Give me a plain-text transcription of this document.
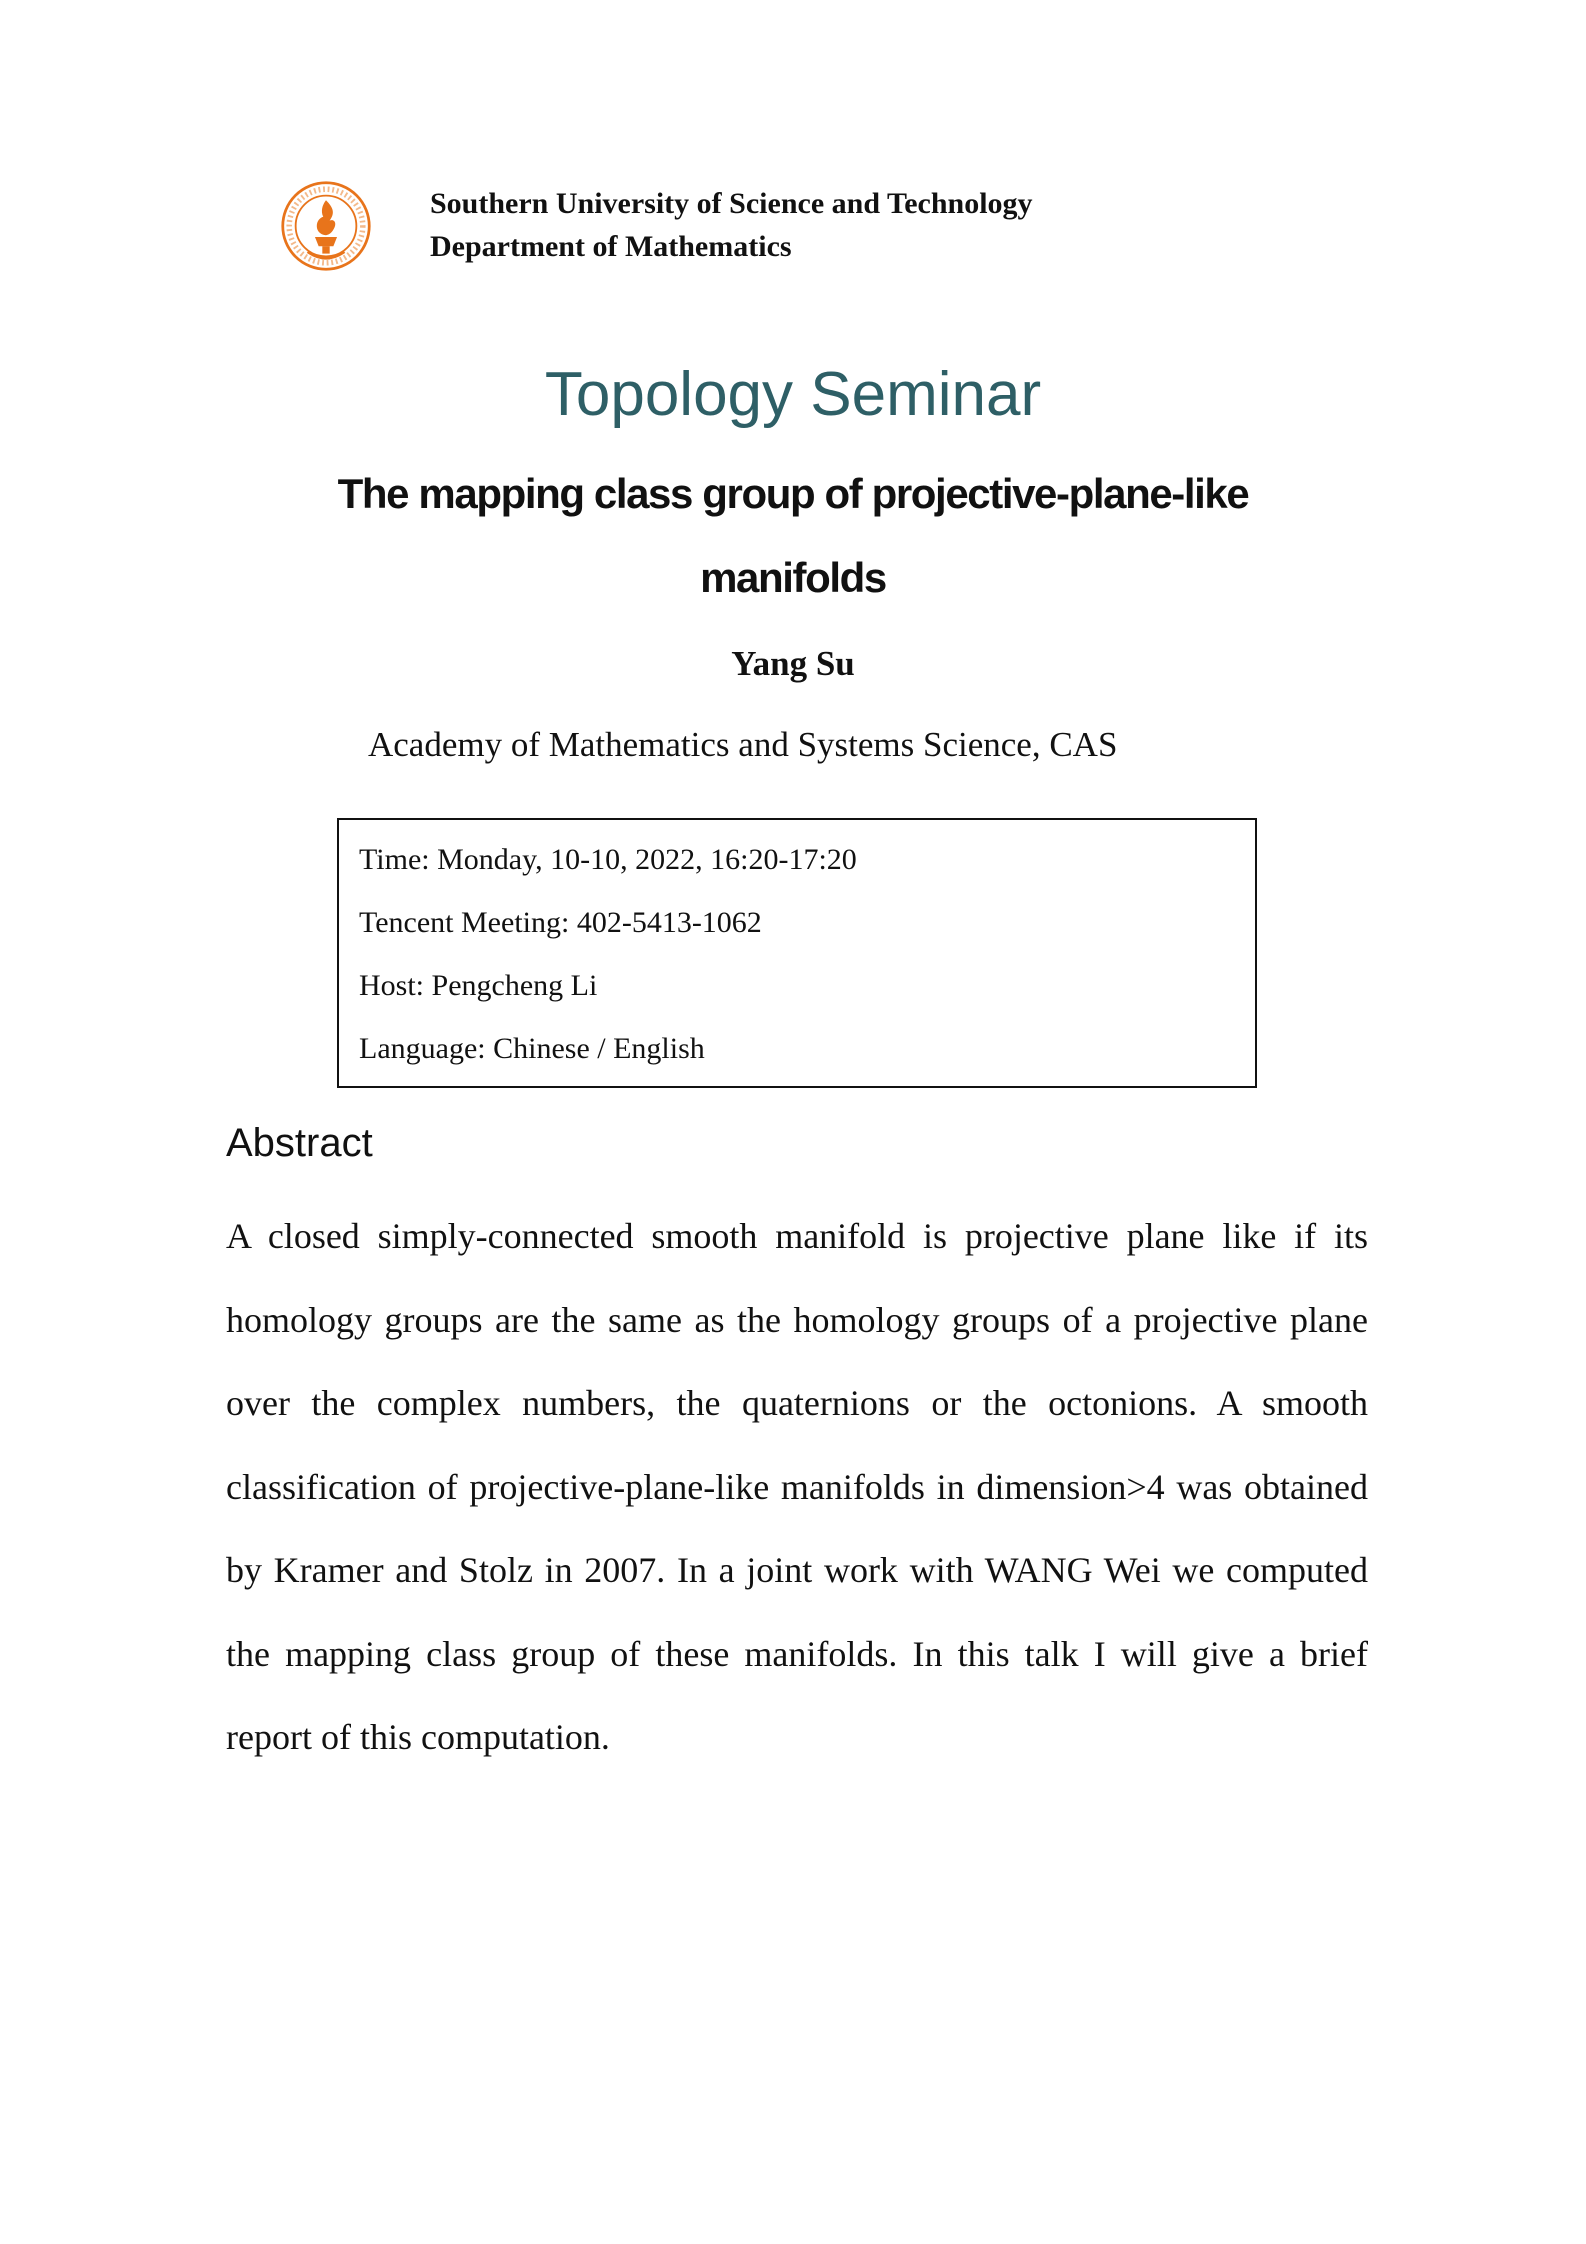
Southern University of Science and Technology
Department of Mathematics
Topology Seminar
The mapping class group of projective-plane-like
manifolds
Yang Su
Academy of Mathematics and Systems Science, CAS
Time: Monday, 10-10, 2022, 16:20-17:20
Tencent Meeting: 402-5413-1062
Host: Pengcheng Li
Language: Chinese / English
Abstract
A closed simply-connected smooth manifold is projective plane like if its homology groups are the same as the homology groups of a projective plane over the complex numbers, the quaternions or the octonions. A smooth classification of projective-plane-like manifolds in dimension>4 was obtained by Kramer and Stolz in 2007. In a joint work with WANG Wei we computed the mapping class group of these manifolds. In this talk I will give a brief report of this computation.
